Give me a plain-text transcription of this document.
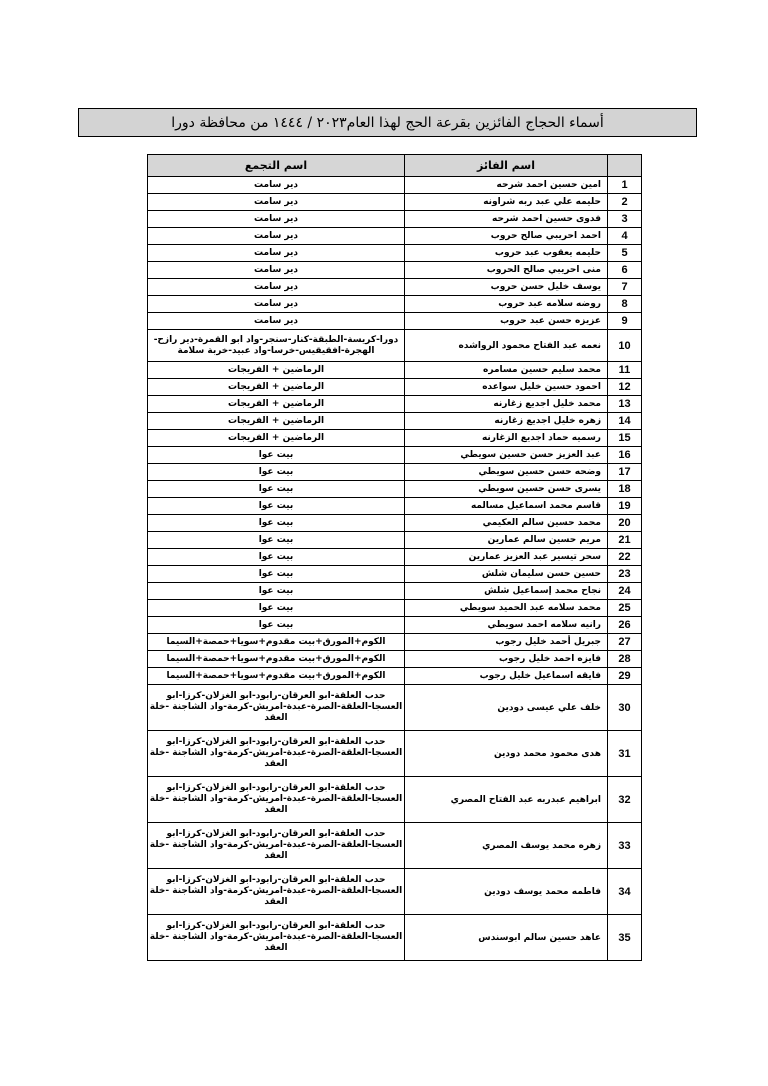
أسماء الحجاج الفائزين بقرعة الحج لهذا العام٢٠٢٣ / ١٤٤٤ من محافظة دورا
	اسم الفائز	اسم التجمع
1	امين حسين احمد شرحه	دير سامت
2	حليمه علي عبد ربه شراونه	دير سامت
3	فدوى حسين احمد شرحه	دير سامت
4	احمد احريبي صالح حروب	دير سامت
5	حليمه يعقوب عبد حروب	دير سامت
6	منى احريبي صالح الحروب	دير سامت
7	يوسف خليل حسن حروب	دير سامت
8	روضه سلامه عبد حروب	دير سامت
9	عزيزه حسن عبد حروب	دير سامت
10	نعمه عبد الفتاح محمود الرواشده	دورا-كريسة-الطبقة-كنار-سنجر-واد ابو القمرة-دير رازح-الهجرة-افقيقيس-خرسا-واد عبيد-خربة سلامة
11	محمد سليم حسين مسامره	الرماضين + الفريجات
12	احمود حسين خليل سواعده	الرماضين + الفريجات
13	محمد خليل اجديع زغارنه	الرماضين + الفريجات
14	زهره خليل اجديع زغارنه	الرماضين + الفريجات
15	رسميه حماد اجديع الزغارنه	الرماضين + الفريجات
16	عبد العزيز حسن حسين سويطي	بيت عوا
17	وضحه حسن حسين سويطي	بيت عوا
18	يسرى حسن حسين سويطي	بيت عوا
19	قاسم محمد اسماعيل مسالمه	بيت عوا
20	محمد حسين سالم العكيمي	بيت عوا
21	مريم حسين سالم عمارين	بيت عوا
22	سحر تيسير عبد العزيز عمارين	بيت عوا
23	حسين حسن سليمان شلش	بيت عوا
24	نجاح محمد إسماعيل شلش	بيت عوا
25	محمد سلامه عبد الحميد سويطي	بيت عوا
26	رانيه سلامه احمد سويطي	بيت عوا
27	جبريل أحمد خليل رجوب	الكوم+المورق+بيت مقدوم+سويا+حمصة+السيما
28	فايزه احمد خليل رجوب	الكوم+المورق+بيت مقدوم+سويا+حمصة+السيما
29	فايقه اسماعيل خليل رجوب	الكوم+المورق+بيت مقدوم+سويا+حمصة+السيما
30	خلف علي عيسى دودين	حدب العلقة-ابو العرقان-رابود-ابو الغزلان-كرزا-ابو العسجا-العلقة-الصرة-عبدة-امريش-كرمة-واد الشاجنة -خلة العقد
31	هدى محمود محمد دودين	حدب العلقة-ابو العرقان-رابود-ابو الغزلان-كرزا-ابو العسجا-العلقة-الصرة-عبدة-امريش-كرمة-واد الشاجنة -خلة العقد
32	ابراهيم عبدربه عبد الفتاح المصري	حدب العلقة-ابو العرقان-رابود-ابو الغزلان-كرزا-ابو العسجا-العلقة-الصرة-عبدة-امريش-كرمة-واد الشاجنة -خلة العقد
33	زهره محمد يوسف المصري	حدب العلقة-ابو العرقان-رابود-ابو الغزلان-كرزا-ابو العسجا-العلقة-الصرة-عبدة-امريش-كرمة-واد الشاجنة -خلة العقد
34	فاطمه محمد يوسف دودين	حدب العلقة-ابو العرقان-رابود-ابو الغزلان-كرزا-ابو العسجا-العلقة-الصرة-عبدة-امريش-كرمة-واد الشاجنة -خلة العقد
35	عاهد حسين سالم ابوسندس	حدب العلقة-ابو العرقان-رابود-ابو الغزلان-كرزا-ابو العسجا-العلقة-الصرة-عبدة-امريش-كرمة-واد الشاجنة -خلة العقد
